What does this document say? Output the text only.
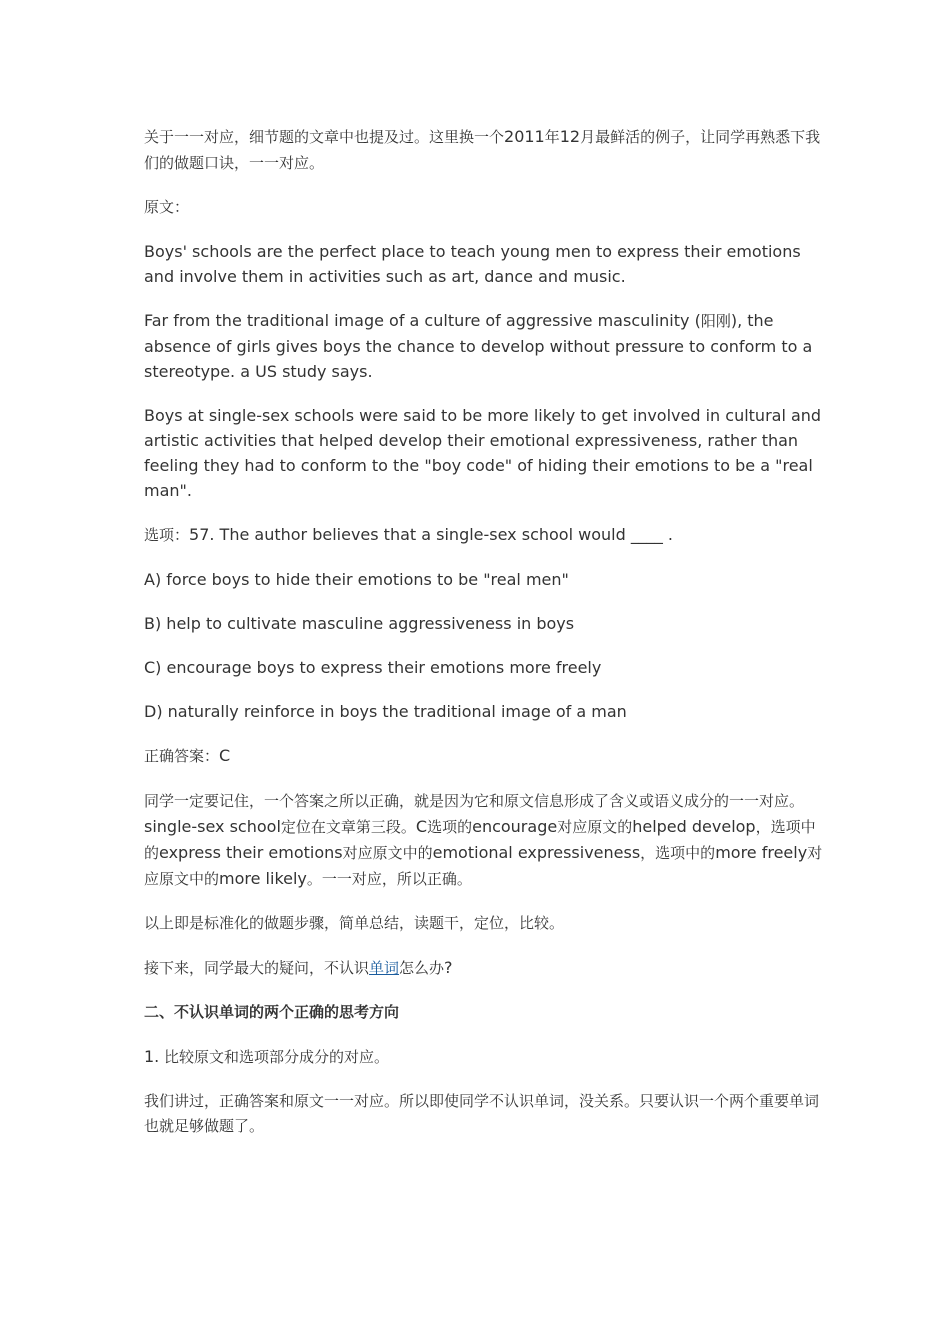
关于一一对应，细节题的文章中也提及过。这里换一个2011年12月最鲜活的例子，让同学再熟悉下我们的做题口诀，一一对应。

原文：

Boys' schools are the perfect place to teach young men to express their emotions and involve them in activities such as art, dance and music.

Far from the traditional image of a culture of aggressive masculinity (阳刚), the absence of girls gives boys the chance to develop without pressure to conform to a stereotype. a US study says.

Boys at single-sex schools were said to be more likely to get involved in cultural and artistic activities that helped develop their emotional expressiveness, rather than feeling they had to conform to the "boy code" of hiding their emotions to be a "real man".

选项：57. The author believes that a single-sex school would ____ .

A) force boys to hide their emotions to be "real men"

B) help to cultivate masculine aggressiveness in boys

C) encourage boys to express their emotions more freely

D) naturally reinforce in boys the traditional image of a man

正确答案：C

同学一定要记住，一个答案之所以正确，就是因为它和原文信息形成了含义或语义成分的一一对应。single-sex school定位在文章第三段。C选项的encourage对应原文的helped develop，选项中的express their emotions对应原文中的emotional expressiveness，选项中的more freely对应原文中的more likely。一一对应，所以正确。

以上即是标准化的做题步骤，简单总结，读题干，定位，比较。

接下来，同学最大的疑问，不认识单词怎么办?

二、不认识单词的两个正确的思考方向

1. 比较原文和选项部分成分的对应。

我们讲过，正确答案和原文一一对应。所以即使同学不认识单词，没关系。只要认识一个两个重要单词也就足够做题了。
